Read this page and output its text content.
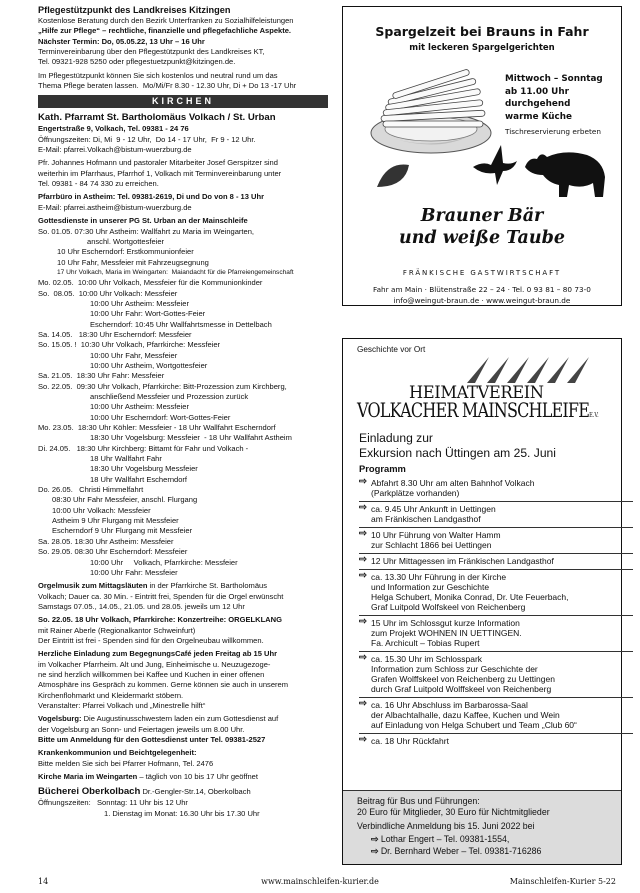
Pflegestützpunkt des Landkreises Kitzingen
Kostenlose Beratung durch den Bezirk Unterfranken zu Sozialhilfeleistungen
„Hilfe zur Pflege“ – rechtliche, finanzielle und pflegefachliche Aspekte.
Nächster Termin: Do, 05.05.22, 13 Uhr – 16 Uhr
Terminvereinbarung über den Pflegestützpunkt des Landkreises KT,
Tel. 09321-928 5250 oder pflegestuetzpunkt@kitzingen.de.
Im Pflegestützpunkt können Sie sich kostenlos und neutral rund um das
Thema Pflege beraten lassen.  Mo/Mi/Fr 8.30 - 12.30 Uhr, Di + Do 13 -17 Uhr
KIRCHEN
Kath. Pfarramt St. Bartholomäus Volkach / St. Urban
Engertstraße 9, Volkach, Tel. 09381 - 24 76
Öffnungszeiten: Di, Mi  9 - 12 Uhr,  Do 14 - 17 Uhr,  Fr 9 - 12 Uhr.
E-Mail: pfarrei.Volkach@bistum-wuerzburg.de
Pfr. Johannes Hofmann und pastoraler Mitarbeiter Josef Gerspitzer sind
weiterhin im Pfarrhaus, Pfarrhof 1, Volkach mit Terminvereinbarung unter
Tel. 09381 - 84 74 330 zu erreichen.
Pfarrbüro in Astheim: Tel. 09381-2619, Di und Do von 8 - 13 Uhr
E-Mail: pfarrei.astheim@bistum-wuerzburg.de
Gottesdienste in unserer PG St. Urban an der Mainschleife
So. 01.05. 07:30 Uhr Astheim: Wallfahrt zu Maria im Weingarten,
anschl. Wortgottesfeier
10 Uhr Escherndorf: Erstkommunionfeier
10 Uhr Fahr, Messfeier mit Fahrzeugsegnung
17 Uhr Volkach, Maria im Weingarten:  Maiandacht für die Pfarreiengemeinschaft
Mo. 02.05.  10:00 Uhr Volkach, Messfeier für die Kommunionkinder
So.  08.05.  10:00 Uhr Volkach: Messfeier
10:00 Uhr Astheim: Messfeier
10:00 Uhr Fahr: Wort-Gottes-Feier
Escherndorf: 10:45 Uhr Wallfahrtsmesse in Dettelbach
Sa. 14.05.   18:30 Uhr Escherndorf: Messfeier
So. 15.05. !  10:30 Uhr Volkach, Pfarrkirche: Messfeier
10:00 Uhr Fahr, Messfeier
10:00 Uhr Astheim, Wortgottesfeier
Sa. 21.05.  18:30 Uhr Fahr: Messfeier
So. 22.05.  09:30 Uhr Volkach, Pfarrkirche: Bitt-Prozession zum Kirchberg,
anschließend Messfeier und Prozession zurück
10:00 Uhr Astheim: Messfeier
10:00 Uhr Escherndorf: Wort-Gottes-Feier
Mo. 23.05.  18:30 Uhr Köhler: Messfeier - 18 Uhr Wallfahrt Escherndorf
18:30 Uhr Vogelsburg: Messfeier  - 18 Uhr Wallfahrt Astheim
Di. 24.05.   18:30 Uhr Kirchberg: Bittamt für Fahr und Volkach -
18 Uhr Wallfahrt Fahr
18:30 Uhr Vogelsburg Messfeier
18 Uhr Wallfahrt Escherndorf
Do. 26.05.   Christi Himmelfahrt
08:30 Uhr Fahr Messfeier, anschl. Flurgang
10:00 Uhr Volkach: Messfeier
Astheim 9 Uhr Flurgang mit Messfeier
Escherndorf 9 Uhr Flurgang mit Messfeier
Sa. 28.05. 18:30 Uhr Astheim: Messfeier
So. 29.05. 08:30 Uhr Escherndorf: Messfeier
10:00 Uhr     Volkach, Pfarrkirche: Messfeier
10:00 Uhr Fahr: Messfeier
Orgelmusik zum Mittagsläuten in der Pfarrkirche St. Bartholomäus
Volkach; Dauer ca. 30 Min. - Eintritt frei, Spenden für die Orgel erwünscht
Samstags 07.05., 14.05., 21.05. und 28.05. jeweils um 12 Uhr
So. 22.05. 18 Uhr Volkach, Pfarrkirche: Konzertreihe: ORGELKLANG
mit Rainer Aberle (Regionalkantor Schweinfurt)
Der Eintritt ist frei - Spenden sind für den Orgelneubau willkommen.
Herzliche Einladung zum BegegnungsCafé jeden Freitag ab 15 Uhr
im Volkacher Pfarrheim. Alt und Jung, Einheimische u. Neuzugezoge-
ne sind herzlich willkommen bei Kaffee und Kuchen in einer offenen
Atmosphäre ins Gespräch zu kommen. Gerne können sie auch in unserem
Kirchenflohmarkt und Kleidermarkt stöbern.
Veranstalter: Pfarrei Volkach und „Minestrelle hilft“
Vogelsburg: Die Augustinusschwestern laden ein zum Gottesdienst auf
der Vogelsburg an Sonn- und Feiertagen jeweils um 8.00 Uhr.
Bitte um Anmeldung für den Gottesdienst unter Tel. 09381-2527
Krankenkommunion und Beichtgelegenheit:
Bitte melden Sie sich bei Pfarrer Hofmann, Tel. 2476
Kirche Maria im Weingarten – täglich von 10 bis 17 Uhr geöffnet
Bücherei Oberkolbach Dr.-Gengler-Str.14, Oberkolbach
Öffnungszeiten:   Sonntag: 11 Uhr bis 12 Uhr
1. Dienstag im Monat: 16.30 Uhr bis 17.30 Uhr
Spargelzeit bei Brauns in Fahr
mit leckeren Spargelgerichten
Mittwoch – Sonntag
ab 11.00 Uhr
durchgehend
warme Küche
Tischreservierung erbeten
Brauner Bär
und weiße Taube
FRÄNKISCHE GASTWIRTSCHAFT
Fahr am Main · Blütenstraße 22 – 24 · Tel. 0 93 81 – 80 73-0
info@weingut-braun.de · www.weingut-braun.de
Geschichte vor Ort
HEIMATVEREIN
VOLKACHER MAINSCHLEIFEE.V.
Einladung zur
Exkursion nach Üttingen am 25. Juni
Programm
⇨ Abfahrt 8.30 Uhr am alten Bahnhof Volkach
(Parkplätze vorhanden)
⇨ ca. 9.45 Uhr Ankunft in Uettingen
am Fränkischen Landgasthof
⇨ 10 Uhr Führung von Walter Hamm
zur Schlacht 1866 bei Uettingen
⇨ 12 Uhr Mittagessen im Fränkischen Landgasthof
⇨ ca. 13.30 Uhr Führung in der Kirche
und Information zur Geschichte
Helga Schubert, Monika Conrad, Dr. Ute Feuerbach,
Graf Luitpold Wolfskeel von Reichenberg
⇨ 15 Uhr im Schlossgut kurze Information
zum Projekt WOHNEN IN UETTINGEN.
Fa. Archicult – Tobias Rupert
⇨ ca. 15.30 Uhr im Schlosspark
Information zum Schloss zur Geschichte der
Grafen Wolffskeel von Reichenberg zu Uettingen
durch Graf Luitpold Wolffskeel von Reichenberg
⇨ ca. 16 Uhr Abschluss im Barbarossa-Saal
der Albachtalhalle, dazu Kaffee, Kuchen und Wein
auf Einladung von Helga Schubert und Team „Club 60“
⇨ ca. 18 Uhr Rückfahrt
Beitrag für Bus und Führungen:
20 Euro für Mitglieder, 30 Euro für Nichtmitglieder
Verbindliche Anmeldung bis 15. Juni 2022 bei
⇨ Lothar Engert – Tel. 09381-1554,
⇨ Dr. Bernhard Weber – Tel. 09381-716286
14	www.mainschleifen-kurier.de	Mainschleifen-Kurier 5-22
